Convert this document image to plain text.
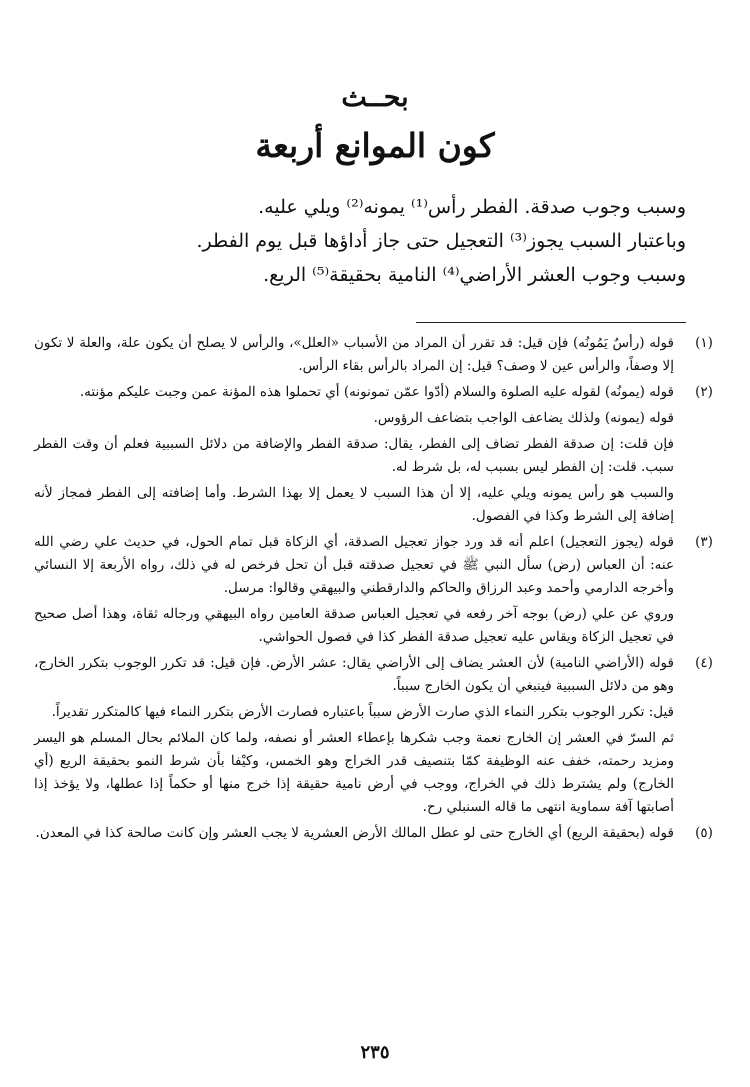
بحــث
كون الموانع أربعة
وسبب وجوب صدقة. الفطر رأس⁽¹⁾ يمونه⁽²⁾ ويلي عليه.
وباعتبار السبب يجوز⁽³⁾ التعجيل حتى جاز أداؤها قبل يوم الفطر.
وسبب وجوب العشر الأراضي⁽⁴⁾ النامية بحقيقة⁽⁵⁾ الريع.
(١)

قوله (رأسٌ يَمُونُه) فإن قيل: قد تقرر أن المراد من الأسباب «العلل»، والرأس لا يصلح أن يكون علة، والعلة لا تكون إلا وصفاً، والرأس عين لا وصف؟ قيل: إن المراد بالرأس بقاء الرأس.

(٢)

قوله (يمونُه) لقوله عليه الصلوة والسلام (أدّوا عمّن تمونونه) أي تحملوا هذه المؤنة عمن وجبت عليكم مؤنته.

قوله (يمونه) ولذلك يضاعف الواجب بتضاعف الرؤوس.

فإن قلت: إن صدقة الفطر تضاف إلى الفطر، يقال: صدقة الفطر والإضافة من دلائل السببية فعلم أن وقت الفطر سبب. قلت: إن الفطر ليس بسبب له، بل شرط له.

والسبب هو رأس يمونه ويلي عليه، إلا أن هذا السبب لا يعمل إلا بهذا الشرط. وأما إضافته إلى الفطر فمجاز لأنه إضافة إلى الشرط وكذا في الفصول.

(٣)

قوله (يجوز التعجيل) اعلم أنه قد ورد جواز تعجيل الصدقة، أي الزكاة قبل تمام الحول، في حديث علي رضي الله عنه: أن العباس (رض) سأل النبي ﷺ في تعجيل صدقته قبل أن تحل فرخص له في ذلك، رواه الأربعة إلا النسائي وأخرجه الدارمي وأحمد وعبد الرزاق والحاكم والدارقطني والبيهقي وقالوا: مرسل.

وروي عن علي (رض) بوجه آخر رفعه في تعجيل العباس صدقة العامين رواه البيهقي ورجاله ثقاة، وهذا أصل صحيح في تعجيل الزكاة ويقاس عليه تعجيل صدقة الفطر كذا في فصول الحواشي.

(٤)

قوله (الأراضي النامية) لأن العشر يضاف إلى الأراضي يقال: عشر الأرض. فإن قيل: قد تكرر الوجوب بتكرر الخارج، وهو من دلائل السببية فينبغي أن يكون الخارج سبباً.

قيل: تكرر الوجوب بتكرر النماء الذي صارت الأرض سبباً باعتباره فصارت الأرض بتكرر النماء فيها كالمتكرر تقديراً.

ثم السرّ في العشر إن الخارج نعمة وجب شكرها بإعطاء العشر أو نصفه، ولما كان الملائم بحال المسلم هو اليسر ومزيد رحمته، خفف عنه الوظيفة كمّا بتنصيف قدر الخراج وهو الخمس، وكيْفا بأن شرط النمو بحقيقة الريع (أي الخارج) ولم يشترط ذلك في الخراج، ووجب في أرض نامية حقيقة إذا خرج منها أو حكماً إذا عطلها، ولا يؤخذ إذا أصابتها آفة سماوية انتهى ما قاله السنبلي رح.

(٥)

قوله (بحقيقة الريع) أي الخارج حتى لو عطل المالك الأرض العشرية لا يجب العشر وإن كانت صالحة كذا في المعدن.

٢٣٥
